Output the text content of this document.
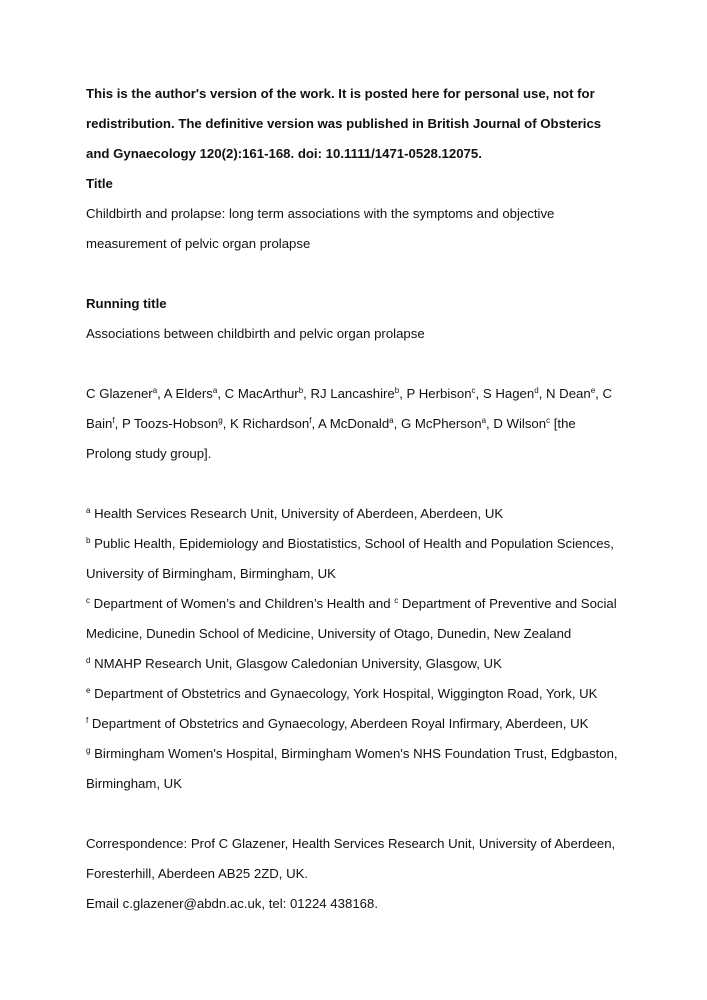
This is the author's version of the work. It is posted here for personal use, not for
redistribution. The definitive version was published in British Journal of Obsterics
and Gynaecology 120(2):161-168. doi: 10.1111/1471-0528.12075.
Title
Childbirth and prolapse: long term associations with the symptoms and objective
measurement of pelvic organ prolapse
Running title
Associations between childbirth and pelvic organ prolapse
C Glazener$^a$, A Elders$^a$, C MacArthur$^b$, RJ Lancashire$^b$, P Herbison$^c$, S Hagen$^d$, N Dean$^e$, C
Bain$^f$, P Toozs-Hobson$^g$, K Richardson$^f$, A McDonald$^a$, G McPherson$^a$, D Wilson$^c$ [the
Prolong study group].
$^a$ Health Services Research Unit, University of Aberdeen, Aberdeen, UK
$^b$ Public Health, Epidemiology and Biostatistics, School of Health and Population Sciences,
University of Birmingham, Birmingham, UK
$^c$ Department of Women’s and Children’s Health and $^c$ Department of Preventive and Social
Medicine, Dunedin School of Medicine, University of Otago, Dunedin, New Zealand
$^d$ NMAHP Research Unit, Glasgow Caledonian University, Glasgow, UK
$^e$ Department of Obstetrics and Gynaecology, York Hospital, Wiggington Road, York, UK
$^f$ Department of Obstetrics and Gynaecology, Aberdeen Royal Infirmary, Aberdeen, UK
$^g$ Birmingham Women's Hospital, Birmingham Women's NHS Foundation Trust, Edgbaston,
Birmingham, UK
Correspondence: Prof C Glazener, Health Services Research Unit, University of Aberdeen,
Foresterhill, Aberdeen AB25 2ZD, UK.
Email c.glazener@abdn.ac.uk, tel: 01224 438168.
